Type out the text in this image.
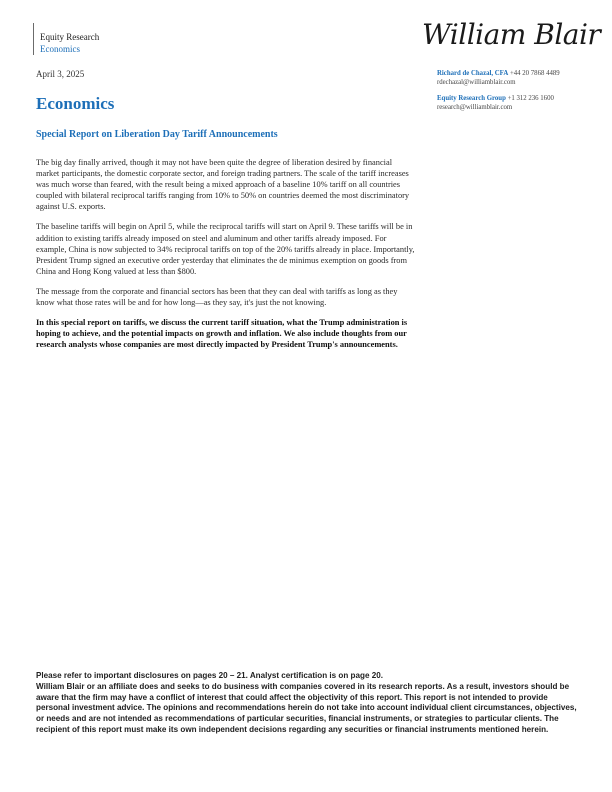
Equity Research
Economics	William Blair
April 3, 2025	Richard de Chazal, CFA +44 20 7868 4489
rdechazal@williamblair.com
Equity Research Group +1 312 236 1600
research@williamblair.com
Economics
Special Report on Liberation Day Tariff Announcements

The big day finally arrived, though it may not have been quite the degree of liberation desired by financial market participants, the domestic corporate sector, and foreign trading partners. The scale of the tariff increases was much worse than feared, with the result being a mixed approach of a baseline 10% tariff on all countries coupled with bilateral reciprocal tariffs ranging from 10% to 50% on countries deemed the most discriminatory against U.S. exports.

The baseline tariffs will begin on April 5, while the reciprocal tariffs will start on April 9. These tariffs will be in addition to existing tariffs already imposed on steel and aluminum and other tariffs already imposed. For example, China is now subjected to 34% reciprocal tariffs on top of the 20% tariffs already in place. Importantly, President Trump signed an executive order yesterday that eliminates the de minimus exemption on goods from China and Hong Kong valued at less than $800.

The message from the corporate and financial sectors has been that they can deal with tariffs as long as they know what those rates will be and for how long—as they say, it's just the not knowing.

In this special report on tariffs, we discuss the current tariff situation, what the Trump administration is hoping to achieve, and the potential impacts on growth and inflation. We also include thoughts from our research analysts whose companies are most directly impacted by President Trump's announcements.

Please refer to important disclosures on pages 20 – 21. Analyst certification is on page 20.

William Blair or an affiliate does and seeks to do business with companies covered in its research reports. As a result, investors should be aware that the firm may have a conflict of interest that could affect the objectivity of this report. This report is not intended to provide personal investment advice. The opinions and recommendations herein do not take into account individual client circumstances, objectives, or needs and are not intended as recommendations of particular securities, financial instruments, or strategies to particular clients. The recipient of this report must make its own independent decisions regarding any securities or financial instruments mentioned herein.
